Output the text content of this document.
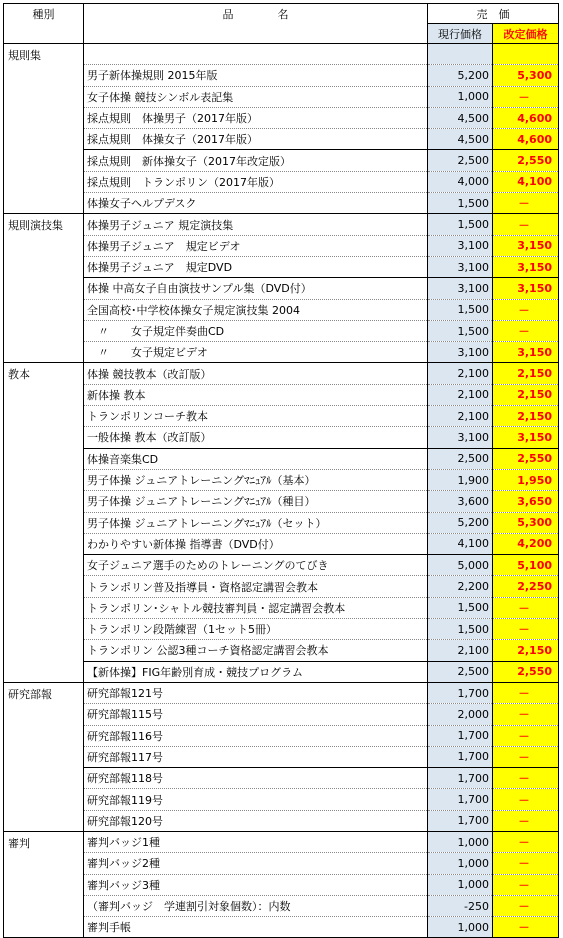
種別	品　　　　名	売　価	
		現行価格	改定価格
規則集			
	男子新体操規則 2015年版	5,200	5,300
	女子体操 競技シンボル表記集	1,000	－
	採点規則　体操男子（2017年版）	4,500	4,600
	採点規則　体操女子（2017年版）	4,500	4,600
	採点規則　新体操女子（2017年改定版）	2,500	2,550
	採点規則　トランポリン（2017年版）	4,000	4,100
	体操女子ヘルプデスク	1,500	－
規則演技集	体操男子ジュニア 規定演技集	1,500	－
	体操男子ジュニア　規定ビデオ	3,100	3,150
	体操男子ジュニア　規定DVD	3,100	3,150
	体操 中高女子自由演技サンプル集（DVD付）	3,100	3,150
	全国高校･中学校体操女子規定演技集 2004	1,500	－
	　〃　　女子規定伴奏曲CD	1,500	－
	　〃　　女子規定ビデオ	3,100	3,150
教本	体操 競技教本（改訂版）	2,100	2,150
	新体操 教本	2,100	2,150
	トランポリンコーチ教本	2,100	2,150
	一般体操 教本（改訂版）	3,100	3,150
	体操音楽集CD	2,500	2,550
	男子体操 ジュニアトレーニングﾏﾆｭｱﾙ（基本）	1,900	1,950
	男子体操 ジュニアトレーニングﾏﾆｭｱﾙ（種目）	3,600	3,650
	男子体操 ジュニアトレーニングﾏﾆｭｱﾙ（セット）	5,200	5,300
	わかりやすい新体操 指導書（DVD付）	4,100	4,200
	女子ジュニア選手のためのトレーニングのてびき	5,000	5,100
	トランポリン普及指導員・資格認定講習会教本	2,200	2,250
	トランポリン･シャトル競技審判員・認定講習会教本	1,500	－
	トランポリン段階練習（1セット5冊）	1,500	－
	トランポリン 公認3種コーチ資格認定講習会教本	2,100	2,150
	【新体操】FIG年齢別育成・競技プログラム	2,500	2,550
研究部報	研究部報121号	1,700	－
	研究部報115号	2,000	－
	研究部報116号	1,700	－
	研究部報117号	1,700	－
	研究部報118号	1,700	－
	研究部報119号	1,700	－
	研究部報120号	1,700	－
審判	審判バッジ1種	1,000	－
	審判バッジ2種	1,000	－
	審判バッジ3種	1,000	－
	（審判バッジ　学連割引対象個数）：内数	-250	－
	審判手帳	1,000	－
